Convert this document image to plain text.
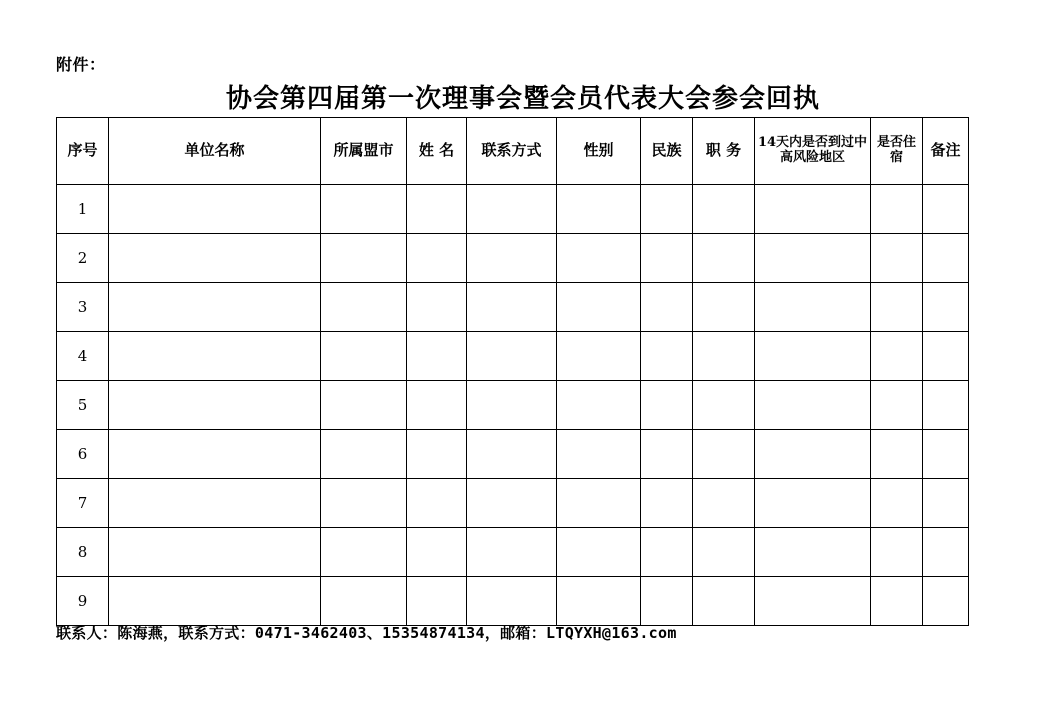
附件：
协会第四届第一次理事会暨会员代表大会参会回执
序号	单位名称	所属盟市	姓 名	联系方式	性别	民族	职 务	14天内是否到过中高风险地区	是否住宿	备注
1										
2										
3										
4										
5										
6										
7										
8										
9										
联系人：陈海燕，联系方式：0471-3462403、15354874134，邮箱：LTQYXH@163.com
